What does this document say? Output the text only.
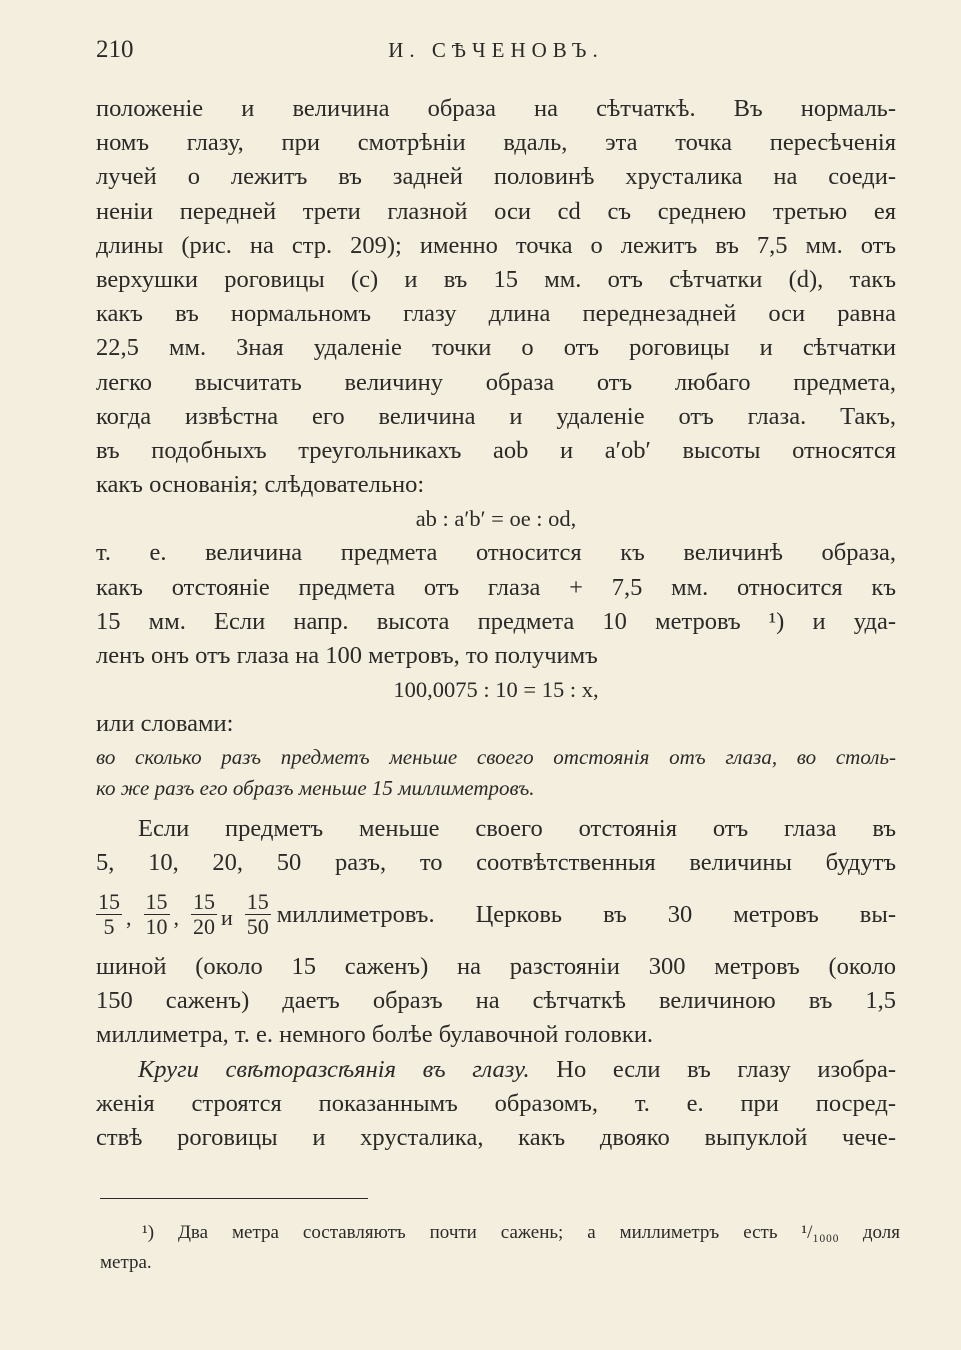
И. СѢЧЕНОВЪ.
210
положеніе и величина образа на сѣтчаткѣ. Въ нормаль-
номъ глазу, при смотрѣніи вдаль, эта точка пересѣченія
лучей о лежитъ въ задней половинѣ хрусталика на соеди-
неніи передней трети глазной оси cd съ среднею третью ея
длины (рис. на стр. 209); именно точка о лежитъ въ 7,5 мм. отъ
верхушки роговицы (c) и въ 15 мм. отъ сѣтчатки (d), такъ
какъ въ нормальномъ глазу длина переднезадней оси равна
22,5 мм. Зная удаленіе точки о отъ роговицы и сѣтчатки
легко высчитать величину образа отъ любаго предмета,
когда извѣстна его величина и удаленіе отъ глаза. Такъ,
въ подобныхъ треугольникахъ aob и a′ob′ высоты относятся
какъ основанія; слѣдовательно:
ab : a′b′ = oe : od,
т. е. величина предмета относится къ величинѣ образа,
какъ отстояніе предмета отъ глаза + 7,5 мм. относится къ
15 мм. Если напр. высота предмета 10 метровъ ¹) и уда-
ленъ онъ отъ глаза на 100 метровъ, то получимъ
100,0075 : 10 = 15 : x,
или словами:
во сколько разъ предметъ меньше своего отстоянія отъ глаза, во столь-
ко же разъ его образъ меньше 15 миллиметровъ.
Если предметъ меньше своего отстоянія отъ глаза въ
5, 10, 20, 50 разъ, то соотвѣтственныя величины будутъ
$\frac{15}{5}$ , $\frac{15}{10}$ , $\frac{15}{20}$ и $\frac{15}{50}$ миллиметровъ. Церковь въ 30 метровъ вы-
шиной (около 15 саженъ) на разстояніи 300 метровъ (около
150 саженъ) даетъ образъ на сѣтчаткѣ величиною въ 1,5
миллиметра, т. е. немного болѣе булавочной головки.
Круги свѣторазсѣянія въ глазу. Но если въ глазу изобра-
женія строятся показаннымъ образомъ, т. е. при посред-
ствѣ роговицы и хрусталика, какъ двояко выпуклой чече-
¹) Два метра составляютъ почти сажень; а миллиметръ есть ¹/₁₀₀₀ доля
метра.
